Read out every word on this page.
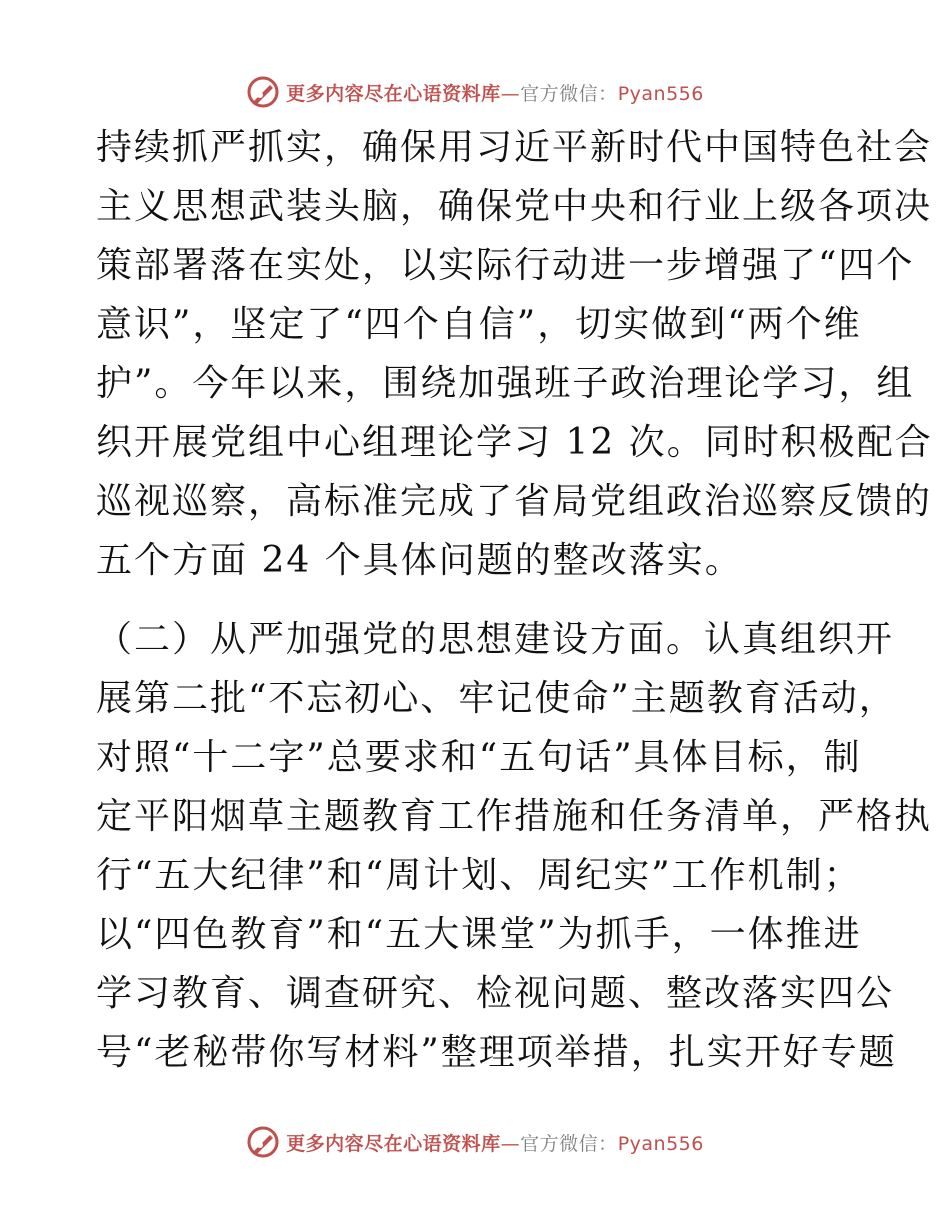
更多内容尽在心语资料库—官方微信：Pyan556
持续抓严抓实，确保用习近平新时代中国特色社会
主义思想武装头脑，确保党中央和行业上级各项决
策部署落在实处，以实际行动进一步增强了“四个
意识”，坚定了“四个自信”，切实做到“两个维
护”。今年以来，围绕加强班子政治理论学习，组
织开展党组中心组理论学习 12 次。同时积极配合
巡视巡察，高标准完成了省局党组政治巡察反馈的
五个方面 24 个具体问题的整改落实。
（二）从严加强党的思想建设方面。认真组织开
展第二批“不忘初心、牢记使命”主题教育活动，
对照“十二字”总要求和“五句话”具体目标，制
定平阳烟草主题教育工作措施和任务清单，严格执
行“五大纪律”和“周计划、周纪实”工作机制；
以“四色教育”和“五大课堂”为抓手，一体推进
学习教育、调查研究、检视问题、整改落实四公
号“老秘带你写材料”整理项举措，扎实开好专题
更多内容尽在心语资料库—官方微信：Pyan556
